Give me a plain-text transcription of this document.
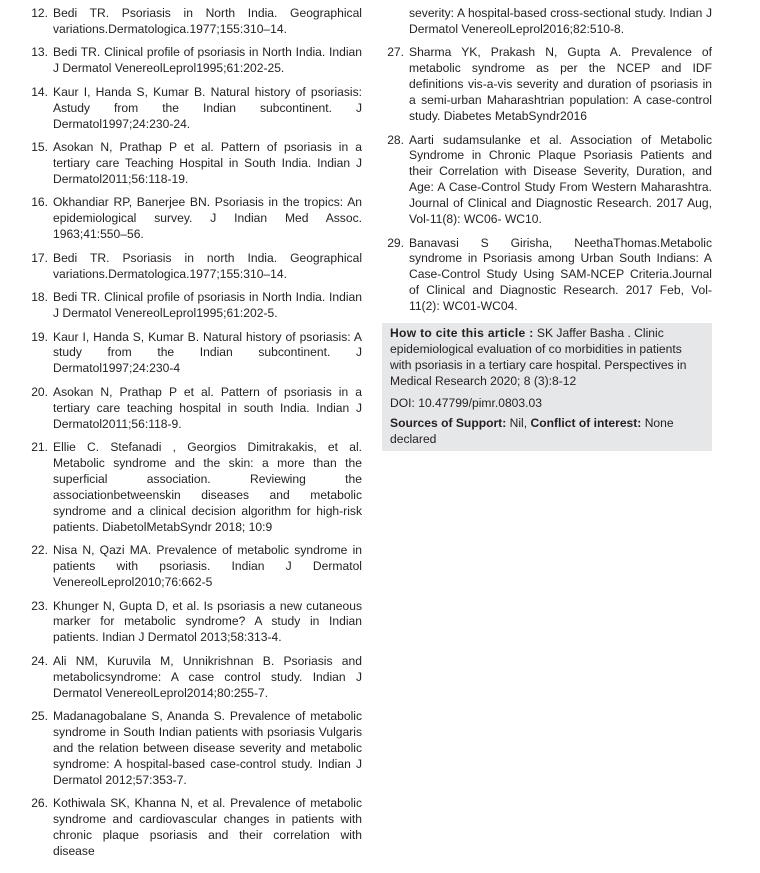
12. Bedi TR. Psoriasis in North India. Geographical variations.Dermatologica.1977;155:310–14.
13. Bedi TR. Clinical profile of psoriasis in North India. Indian J Dermatol VenereolLeprol1995;61:202-25.
14. Kaur I, Handa S, Kumar B. Natural history of psoriasis: Astudy from the Indian subcontinent. J Dermatol1997;24:230-24.
15. Asokan N, Prathap P et al. Pattern of psoriasis in a tertiary care Teaching Hospital in South India. Indian J Dermatol2011;56:118-19.
16. Okhandiar RP, Banerjee BN. Psoriasis in the tropics: An epidemiological survey. J Indian Med Assoc. 1963;41:550–56.
17. Bedi TR. Psoriasis in north India. Geographical variations.Dermatologica.1977;155:310–14.
18. Bedi TR. Clinical profile of psoriasis in North India. Indian J Dermatol VenereolLeprol1995;61:202-5.
19. Kaur I, Handa S, Kumar B. Natural history of psoriasis: A study from the Indian subcontinent. J Dermatol1997;24:230-4
20. Asokan N, Prathap P et al. Pattern of psoriasis in a tertiary care teaching hospital in south India. Indian J Dermatol2011;56:118-9.
21. Ellie C. Stefanadi , Georgios Dimitrakakis, et al. Metabolic syndrome and the skin: a more than the superficial association. Reviewing the associationbetweenskin diseases and metabolic syndrome and a clinical decision algorithm for high-risk patients. DiabetolMetabSyndr 2018; 10:9
22. Nisa N, Qazi MA. Prevalence of metabolic syndrome in patients with psoriasis. Indian J Dermatol VenereolLeprol2010;76:662-5
23. Khunger N, Gupta D, et al. Is psoriasis a new cutaneous marker for metabolic syndrome? A study in Indian patients. Indian J Dermatol 2013;58:313-4.
24. Ali NM, Kuruvila M, Unnikrishnan B. Psoriasis and metabolicsyndrome: A case control study. Indian J Dermatol VenereolLeprol2014;80:255-7.
25. Madanagobalane S, Ananda S. Prevalence of metabolic syndrome in South Indian patients with psoriasis Vulgaris and the relation between disease severity and metabolic syndrome: A hospital-based case-control study. Indian J Dermatol 2012;57:353-7.
26. Kothiwala SK, Khanna N, et al. Prevalence of metabolic syndrome and cardiovascular changes in patients with chronic plaque psoriasis and their correlation with disease
severity: A hospital-based cross-sectional study. Indian J Dermatol VenereolLeprol2016;82:510-8.
27. Sharma YK, Prakash N, Gupta A. Prevalence of metabolic syndrome as per the NCEP and IDF definitions vis-a-vis severity and duration of psoriasis in a semi-urban Maharashtrian population: A case-control study. Diabetes MetabSyndr2016
28. Aarti sudamsulanke et al. Association of Metabolic Syndrome in Chronic Plaque Psoriasis Patients and their Correlation with Disease Severity, Duration, and Age: A Case-Control Study From Western Maharashtra. Journal of Clinical and Diagnostic Research. 2017 Aug, Vol-11(8): WC06- WC10.
29. Banavasi S Girisha, NeethaThomas.Metabolic syndrome in Psoriasis among Urban South Indians: A Case-Control Study Using SAM-NCEP Criteria.Journal of Clinical and Diagnostic Research. 2017 Feb, Vol- 11(2): WC01-WC04.

How to cite this article : SK Jaffer Basha . Clinic epidemiological evaluation of co morbidities in patients with psoriasis in a tertiary care hospital. Perspectives in Medical Research 2020; 8 (3):8-12

DOI: 10.47799/pimr.0803.03

Sources of Support: Nil, Conflict of interest: None declared
